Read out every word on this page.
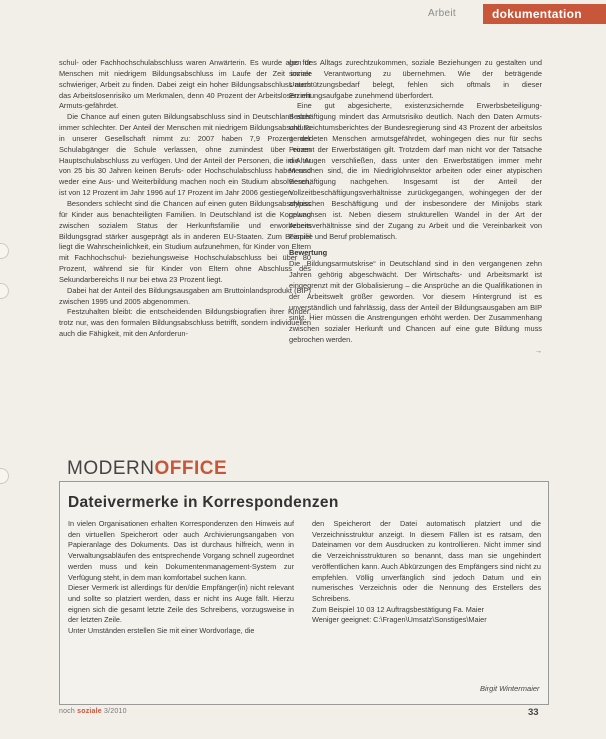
Arbeit	dokumentation

schul- oder Fachhochschulabschluss waren Anwärterin. Es wurde also für Menschen mit niedrigem Bildungsabschluss im Laufe der Zeit immer schwieriger, Arbeit zu finden. Dabei zeigt ein hoher Bildungsabschluss auch das Arbeitslosenrisiko um Merkmalen, denn 40 Prozent der Arbeitslosen mit Armuts-gefährdet.

Die Chance auf einen guten Bildungsabschluss sind in Deutschland aber immer schlechter. Der Anteil der Menschen mit niedrigem Bildungsabschluss in unserer Gesellschaft nimmt zu: 2007 haben 7,9 Prozent der Schulabgänger die Schule verlassen, ohne zumindest über einen Hauptschulabschluss zu verfügen. Und der Anteil der Personen, die im Alter von 25 bis 30 Jahren keinen Berufs- oder Hochschulabschluss haben und weder eine Aus- und Weiterbildung machen noch ein Studium absolvieren, ist von 12 Prozent im Jahr 1996 auf 17 Prozent im Jahr 2006 gestiegen.

Besonders schlecht sind die Chancen auf einen guten Bildungsabschluss für Kinder aus benachteiligten Familien. In Deutschland ist die Kopplung zwischen sozialem Status der Herkunftsfamilie und erworbenem Bildungsgrad stärker ausgeprägt als in anderen EU-Staaten. Zum Beispiel liegt die Wahrscheinlichkeit, ein Studium aufzunehmen, für Kinder von Eltern mit Fachhochschul- beziehungsweise Hochschulabschluss bei über 80 Prozent, während sie für Kinder von Eltern ohne Abschluss des Sekundarbereichs II nur bei etwa 23 Prozent liegt.

Dabei hat der Anteil des Bildungsausgaben am Bruttoinlandsprodukt (BIP) zwischen 1995 und 2005 abgenommen.

Festzuhalten bleibt: die entscheidenden Bildungsbiografien ihrer Kinder, trotz nur, was den formalen Bildungsabschluss betrifft, sondern individuellen auch die Fähigkeit, mit den Anforderun-

gen des Alltags zurechtzukommen, soziale Beziehungen zu gestalten und soziale Verantwortung zu übernehmen. Wie der beträgende Unterstützungsbedarf belegt, fehlen sich oftmals in dieser Erziehungsaufgabe zunehmend überfordert.

Eine gut abgesicherte, existenzsichernde Erwerbsbeteiligung-Beschäftigung mindert das Armutsrisiko deutlich. Nach den Daten Armuts- und Reichtumsberichtes der Bundesregierung sind 43 Prozent der arbeitslos gemeldeten Menschen armutsgefährdet, wohingegen dies nur für sechs Prozent der Erwerbstätigen gilt. Trotzdem darf man nicht vor der Tatsache die Augen verschließen, dass unter den Erwerbstätigen immer mehr Menschen sind, die im Niedriglohnsektor arbeiten oder einer atypischen Beschäftigung nachgehen. Insgesamt ist der Anteil der Vollzeitbeschäftigungsverhältnisse zurückgegangen, wohingegen der der atypischen Beschäftigung und der insbesondere der Minijobs stark gewachsen ist. Neben diesem strukturellen Wandel in der Art der Arbeitsverhältnisse sind der Zugang zu Arbeit und die Vereinbarkeit von Familie und Beruf problematisch.

Bewertung

Die „Bildungsarmutskrise“ in Deutschland sind in den vergangenen zehn Jahren gehörig abgeschwächt. Der Wirtschafts- und Arbeitsmarkt ist eingegrenzt mit der Globalisierung – die Ansprüche an die Qualifikationen in der Arbeitswelt größer geworden. Vor diesem Hintergrund ist es unverständlich und fahrlässig, dass der Anteil der Bildungsausgaben am BIP sinkt. Hier müssen die Anstrengungen erhöht werden. Der Zusammenhang zwischen sozialer Herkunft und Chancen auf eine gute Bildung muss gebrochen werden.

→

MODERNOFFICE
Dateivermerke in Korrespondenzen

In vielen Organisationen erhalten Korrespondenzen den Hinweis auf den virtuellen Speicherort oder auch Archivierungsangaben von Papieranlage des Dokuments. Das ist durchaus hilfreich, wenn in Verwaltungsabläufen des entsprechende Vorgang schnell zugeordnet werden muss und kein Dokumentenmanagement-System zur Verfügung steht, in dem man komfortabel suchen kann.

Dieser Vermerk ist allerdings für den/die Empfänger(in) nicht relevant und sollte so platziert werden, dass er nicht ins Auge fällt. Hierzu eignen sich die gesamt letzte Zeile des Schreibens, vorzugsweise in der letzten Zeile.

Unter Umständen erstellen Sie mit einer Wordvorlage, die

den Speicherort der Datei automatisch platziert und die Verzeichnisstruktur anzeigt. In diesem Fällen ist es ratsam, den Dateinamen vor dem Ausdrucken zu kontrollieren. Nicht immer sind die Verzeichnisstrukturen so benannt, dass man sie ungehindert veröffentlichen kann. Auch Abkürzungen des Empfängers sind nicht zu empfehlen. Völlig unverfänglich sind jedoch Datum und ein numerisches Verzeichnis oder die Nennung des Erstellers des Schreibens.

Zum Beispiel 10 03 12 Auftragsbestätigung Fa. Maier

Weniger geeignet: C:\Fragen\Umsatz\Sonstiges\Maier

Birgit Wintermaier
noch soziale 3/2010	33
